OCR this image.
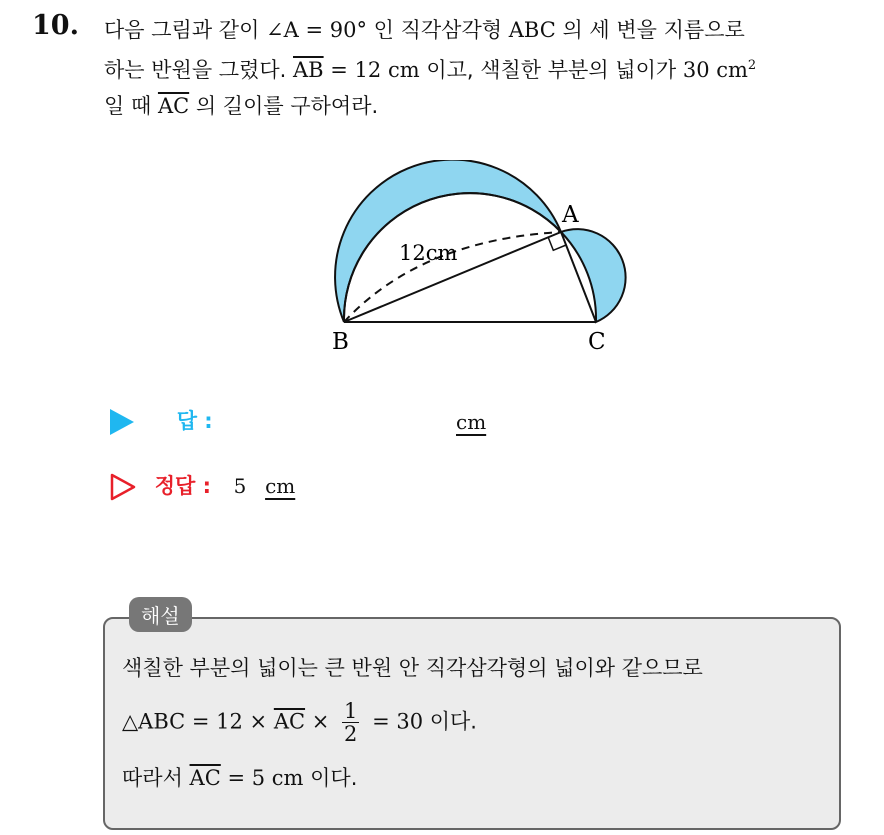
10. 다음 그림과 같이 ∠A = 90° 인 직각삼각형 ABC 의 세 변을 지름으로
하는 반원을 그렸다. $\overline{AB} = 12$ cm 이고, 색칠한 부분의 넓이가 30 $cm^2$
일 때 $\overline{AC}$ 의 길이를 구하여라.
A
B	C
12cm
답 :	cm
정답 : 5 cm
해설
색칠한 부분의 넓이는 큰 반원 안 직각삼각형의 넓이와 같으므로
△ABC = $12 \times \overline{AC} \times \frac{1}{2} = 30$ 이다.
따라서 $\overline{AC} = 5$ cm 이다.
